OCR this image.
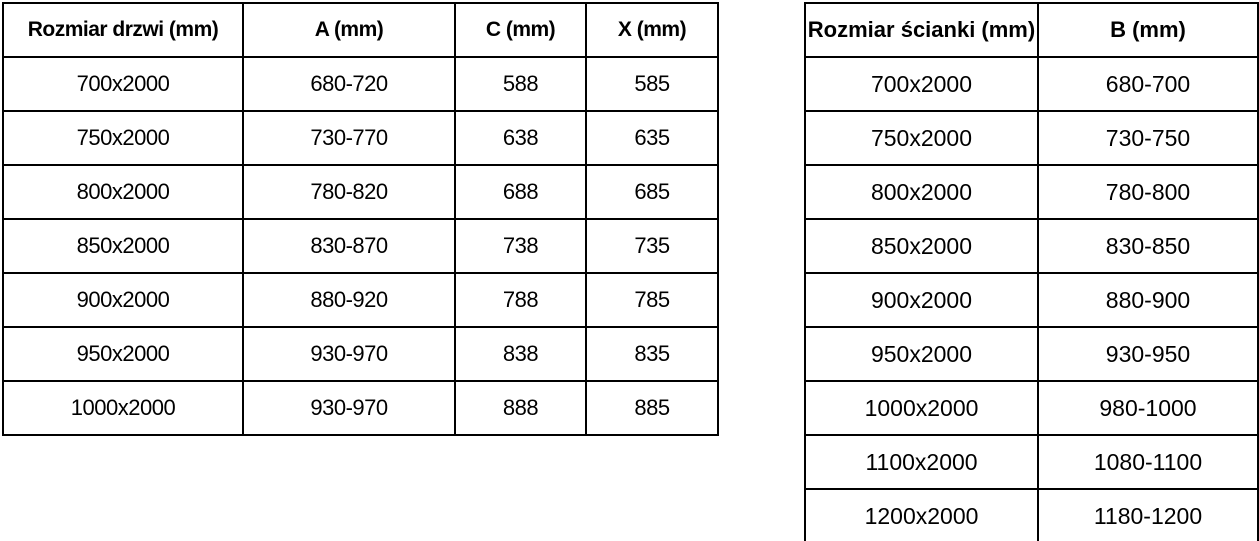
Rozmiar drzwi (mm)	A (mm)	C (mm)	X (mm)
700x2000	680-720	588	585
750x2000	730-770	638	635
800x2000	780-820	688	685
850x2000	830-870	738	735
900x2000	880-920	788	785
950x2000	930-970	838	835
1000x2000	930-970	888	885
Rozmiar ścianki (mm)	B (mm)
700x2000	680-700
750x2000	730-750
800x2000	780-800
850x2000	830-850
900x2000	880-900
950x2000	930-950
1000x2000	980-1000
1100x2000	1080-1100
1200x2000	1180-1200
